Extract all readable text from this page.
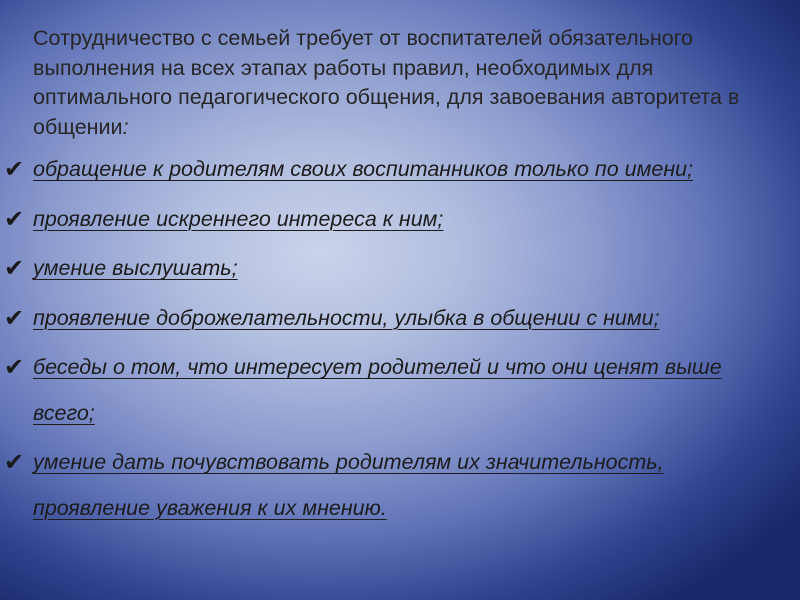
Сотрудничество с семьей требует от воспитателей обязательного выполнения на всех этапах работы правил, необходимых для оптимального педагогического общения, для завоевания авторитета в общении:

✔ обращение к родителям своих воспитанников только по имени;
✔ проявление искреннего интереса к ним;
✔ умение выслушать;
✔ проявление доброжелательности, улыбка в общении с ними;
✔ беседы о том, что интересует родителей и что они ценят выше всего;
✔ умение дать почувствовать родителям их значительность, проявление уважения к их мнению.
